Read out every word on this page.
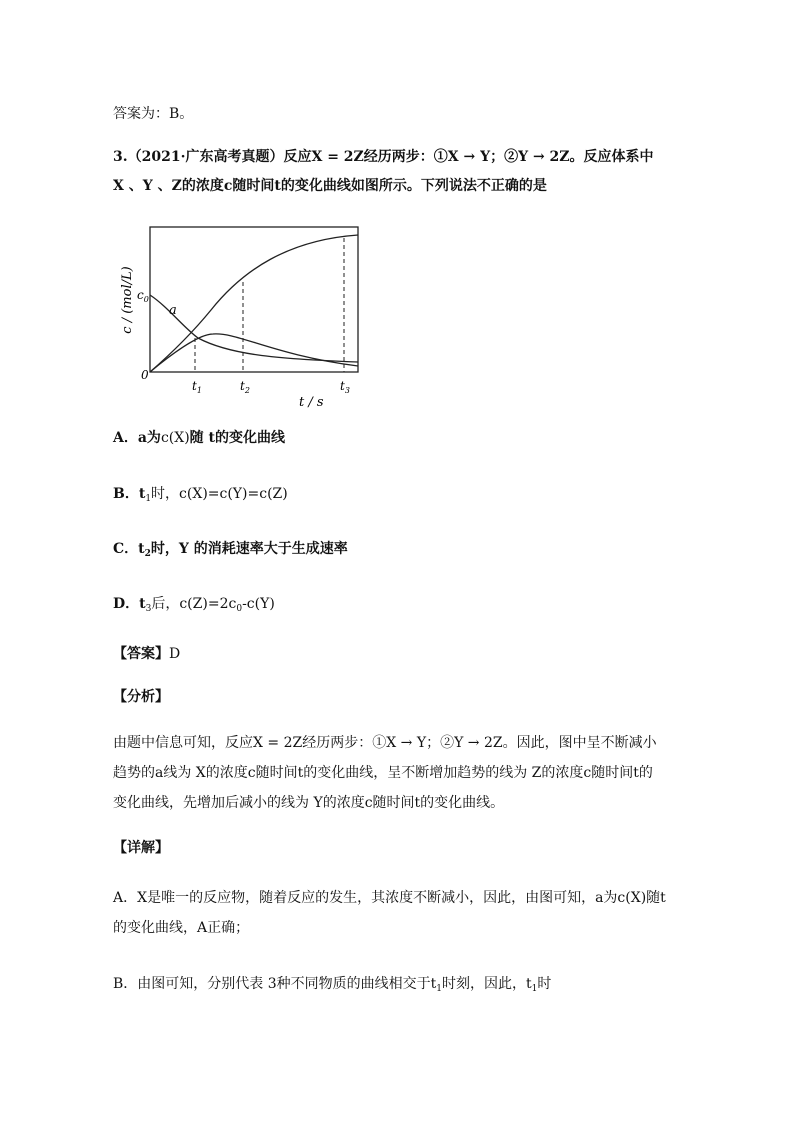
答案为：B。
3.（2021·广东高考真题）反应X = 2Z经历两步：①X → Y；②Y → 2Z。反应体系中
X 、Y 、Z的浓度c随时间t的变化曲线如图所示。下列说法不正确的是
c / (mol/L) $c_0$
a
0
$t_1$	$t_2$	$t_3$
t / s
A．a为c(X)随 t的变化曲线
B．$t_1$时，c(X)=c(Y)=c(Z)
C．$t_2$时，Y 的消耗速率大于生成速率
D．$t_3$后，$c(Z)=2c_0-c(Y)$
【答案】D
【分析】
由题中信息可知，反应X = 2Z经历两步：①X → Y；②Y → 2Z。因此，图中呈不断减小
趋势的a线为 X的浓度c随时间t的变化曲线，呈不断增加趋势的线为 Z的浓度c随时间t的
变化曲线，先增加后减小的线为 Y的浓度c随时间t的变化曲线。
【详解】
A．X是唯一的反应物，随着反应的发生，其浓度不断减小，因此，由图可知，a为c(X)随t
的变化曲线，A正确；
B．由图可知，分别代表 3种不同物质的曲线相交于$t_1$时刻，因此，$t_1$时
